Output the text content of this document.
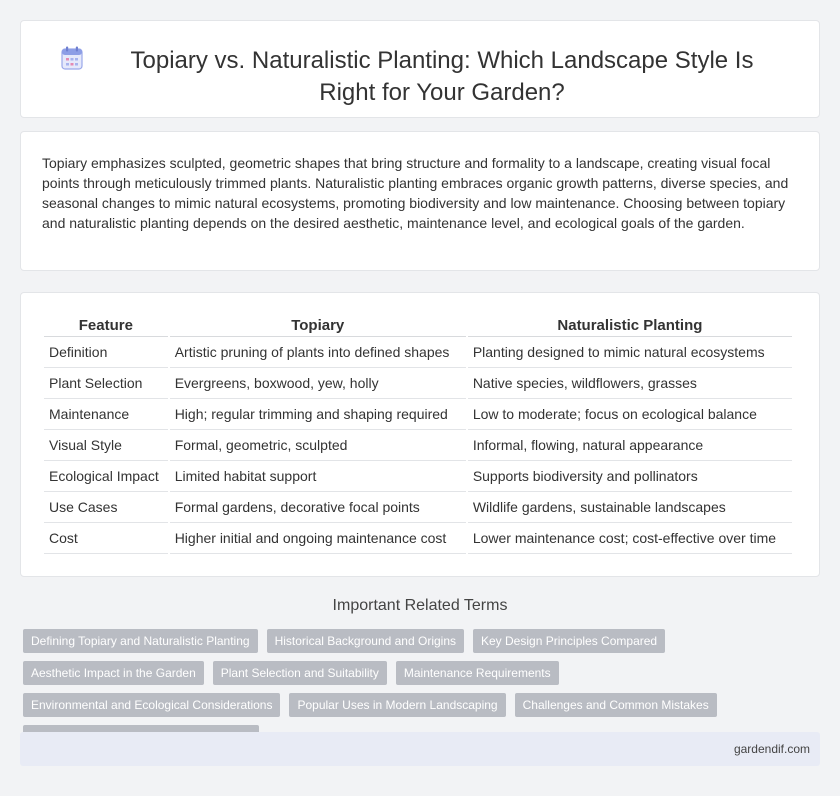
Topiary vs. Naturalistic Planting: Which Landscape Style Is Right for Your Garden?

Topiary emphasizes sculpted, geometric shapes that bring structure and formality to a landscape, creating visual focal points through meticulously trimmed plants. Naturalistic planting embraces organic growth patterns, diverse species, and seasonal changes to mimic natural ecosystems, promoting biodiversity and low maintenance. Choosing between topiary and naturalistic planting depends on the desired aesthetic, maintenance level, and ecological goals of the garden.

Feature	Topiary	Naturalistic Planting
Definition	Artistic pruning of plants into defined shapes	Planting designed to mimic natural ecosystems
Plant Selection	Evergreens, boxwood, yew, holly	Native species, wildflowers, grasses
Maintenance	High; regular trimming and shaping required	Low to moderate; focus on ecological balance
Visual Style	Formal, geometric, sculpted	Informal, flowing, natural appearance
Ecological Impact	Limited habitat support	Supports biodiversity and pollinators
Use Cases	Formal gardens, decorative focal points	Wildlife gardens, sustainable landscapes
Cost	Higher initial and ongoing maintenance cost	Lower maintenance cost; cost-effective over time
Important Related Terms
Defining Topiary and Naturalistic Planting	Historical Background and Origins	Key Design Principles Compared
Aesthetic Impact in the Garden	Plant Selection and Suitability	Maintenance Requirements
Environmental and Ecological Considerations	Popular Uses in Modern Landscaping	Challenges and Common Mistakes
gardendif.com
